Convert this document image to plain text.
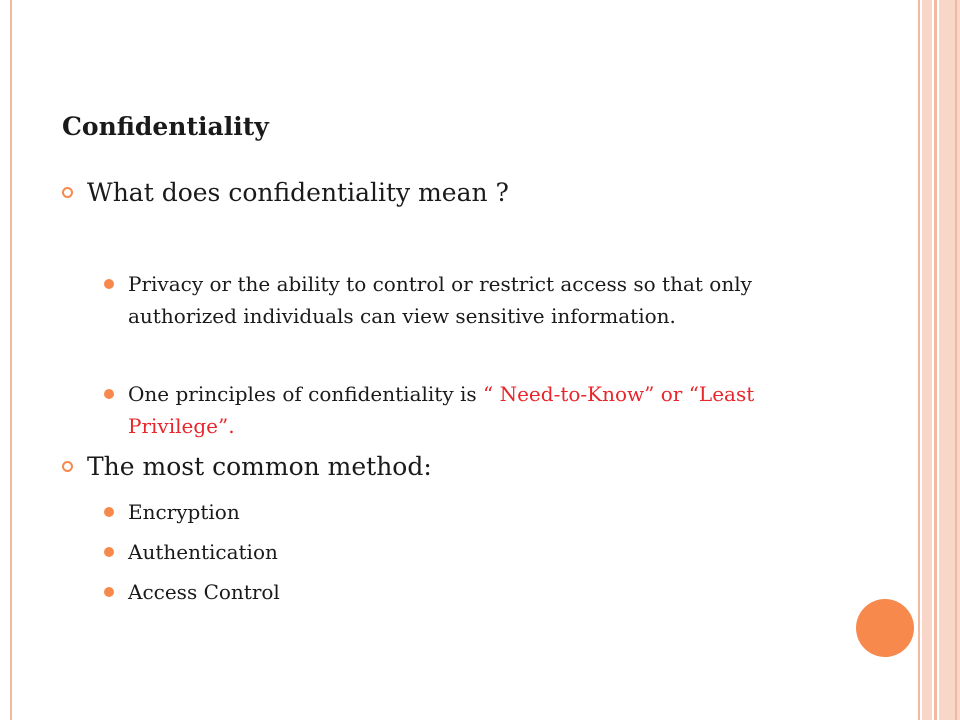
Confidentiality
What does confidentiality mean ?
Privacy or the ability to control or restrict access so that only authorized individuals can view sensitive information.
One principles of confidentiality is “ Need-to-Know” or “Least Privilege”.
The most common method:
Encryption
Authentication
Access Control
